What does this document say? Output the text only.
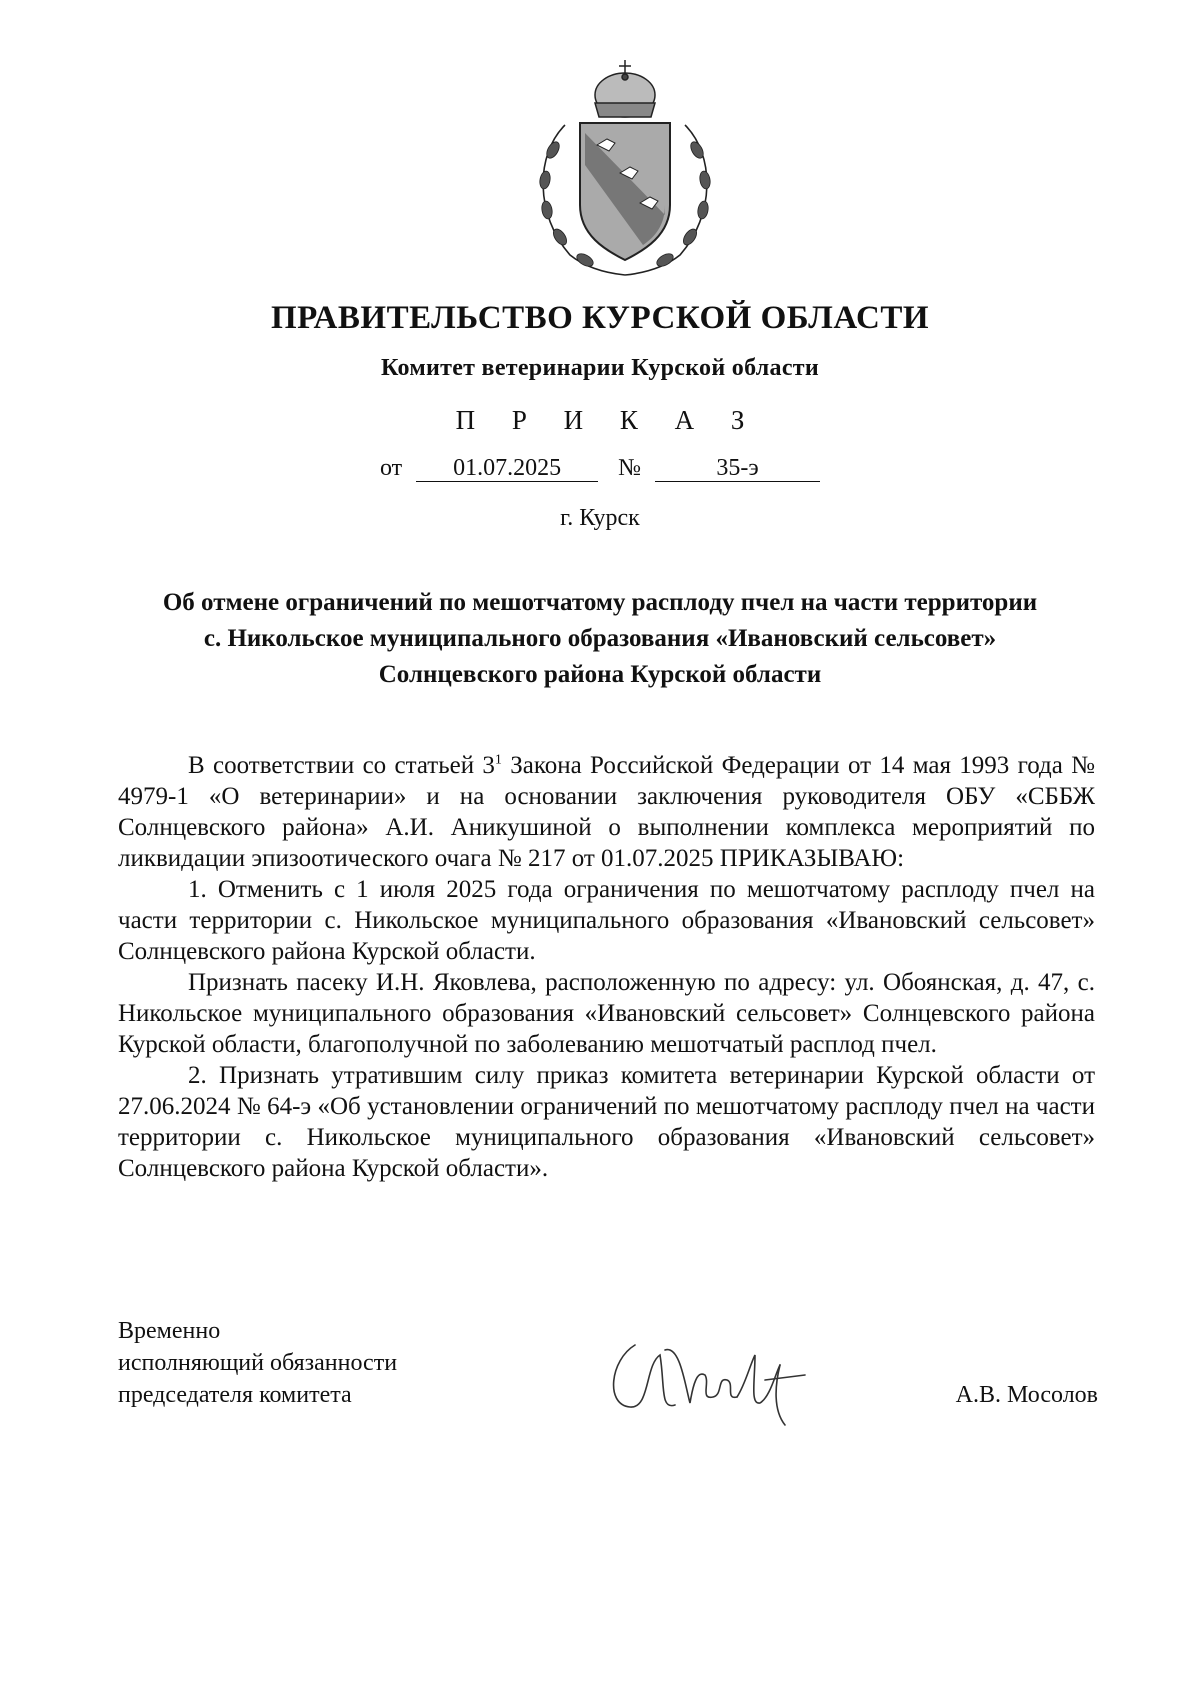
ПРАВИТЕЛЬСТВО КУРСКОЙ ОБЛАСТИ
Комитет ветеринарии Курской области
П Р И К А З
от 01.07.2025 №	35-э
г. Курск
Об отмене ограничений по мешотчатому расплоду пчел на части территории
с. Никольское муниципального образования «Ивановский сельсовет»
Солнцевского района Курской области

В соответствии со статьей $3^1$ Закона Российской Федерации от 14 мая 1993 года № 4979-1 «О ветеринарии» и на основании заключения руководителя ОБУ «СББЖ Солнцевского района» А.И. Аникушиной о выполнении комплекса мероприятий по ликвидации эпизоотического очага № 217 от 01.07.2025 ПРИКАЗЫВАЮ:

1. Отменить с 1 июля 2025 года ограничения по мешотчатому расплоду пчел на части территории с. Никольское муниципального образования «Ивановский сельсовет» Солнцевского района Курской области.

Признать пасеку И.Н. Яковлева, расположенную по адресу: ул. Обоянская, д. 47, с. Никольское муниципального образования «Ивановский сельсовет» Солнцевского района Курской области, благополучной по заболеванию мешотчатый расплод пчел.

2. Признать утратившим силу приказ комитета ветеринарии Курской области от 27.06.2024 № 64-э «Об установлении ограничений по мешотчатому расплоду пчел на части территории с. Никольское муниципального образования «Ивановский сельсовет» Солнцевского района Курской области».

Временно
исполняющий обязанности
председателя комитета	А.В. Мосолов
